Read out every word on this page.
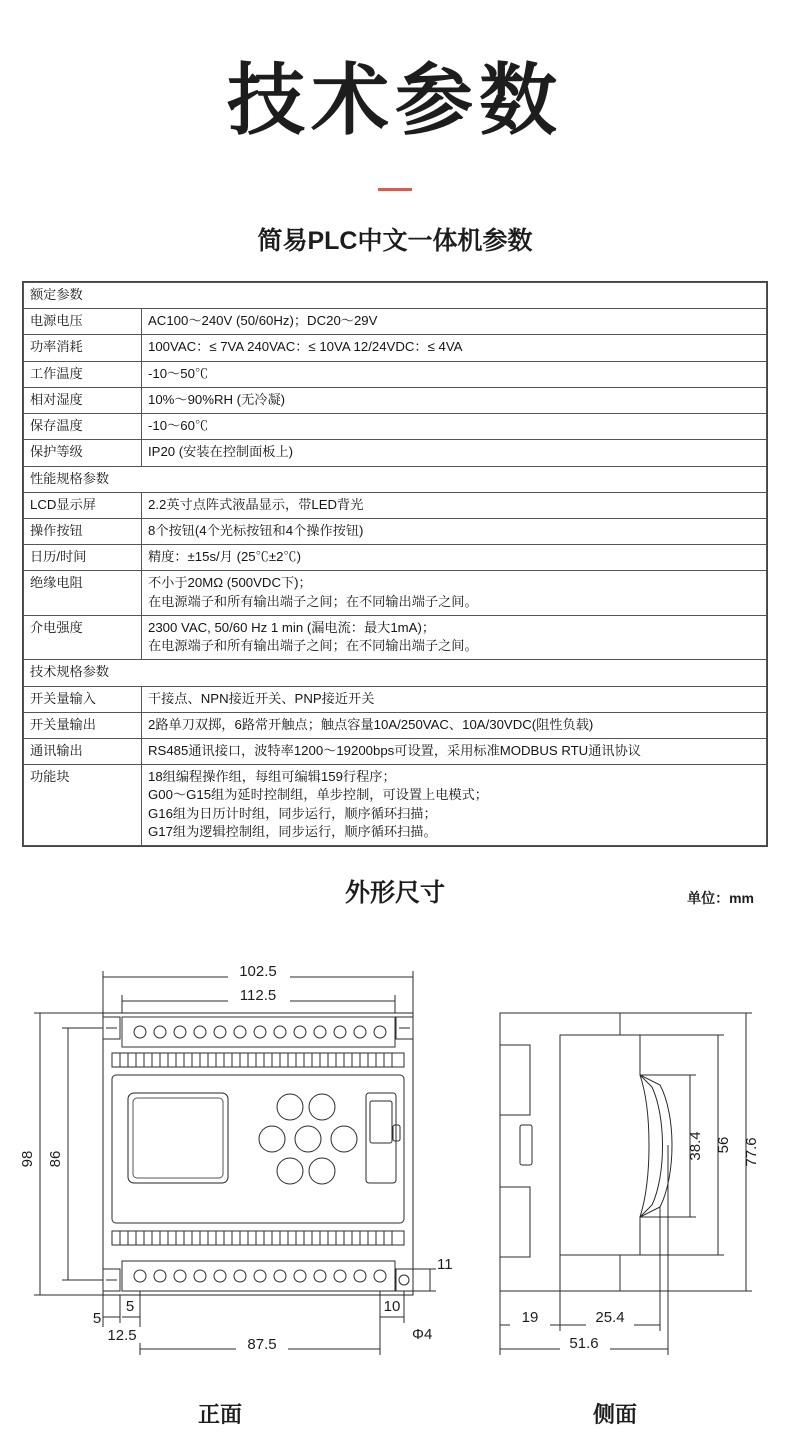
技术参数
简易PLC中文一体机参数
额定参数	
电源电压	AC100～240V (50/60Hz)；DC20～29V
功率消耗	100VAC：≤ 7VA 240VAC：≤ 10VA 12/24VDC：≤ 4VA
工作温度	-10～50℃
相对湿度	10%～90%RH (无冷凝)
保存温度	-10～60℃
保护等级	IP20 (安装在控制面板上)
性能规格参数	
LCD显示屏	2.2英寸点阵式液晶显示，带LED背光
操作按钮	8个按钮(4个光标按钮和4个操作按钮)
日历/时间	精度：±15s/月 (25℃±2℃)
绝缘电阻	不小于20MΩ (500VDC下)；
在电源端子和所有输出端子之间；在不同输出端子之间。

介电强度	2300 VAC, 50/60 Hz 1 min (漏电流：最大1mA)；
在电源端子和所有输出端子之间；在不同输出端子之间。

技术规格参数	
开关量输入	干接点、NPN接近开关、PNP接近开关
开关量输出	2路单刀双掷，6路常开触点；触点容量10A/250VAC、10A/30VDC(阻性负载)
通讯输出	RS485通讯接口，波特率1200～19200bps可设置，采用标准MODBUS RTU通讯协议
功能块	18组编程操作组，每组可编辑159行程序；
G00～G15组为延时控制组，单步控制，可设置上电模式；
G16组为日历计时组，同步运行，顺序循环扫描；
G17组为逻辑控制组，同步运行，顺序循环扫描。
外形尺寸	单位：mm
102.5
112.5
98 86
5
5
12.5
87.5
10
11
Φ4
77.6
56
38.4
19	25.4
51.6
正面	侧面
